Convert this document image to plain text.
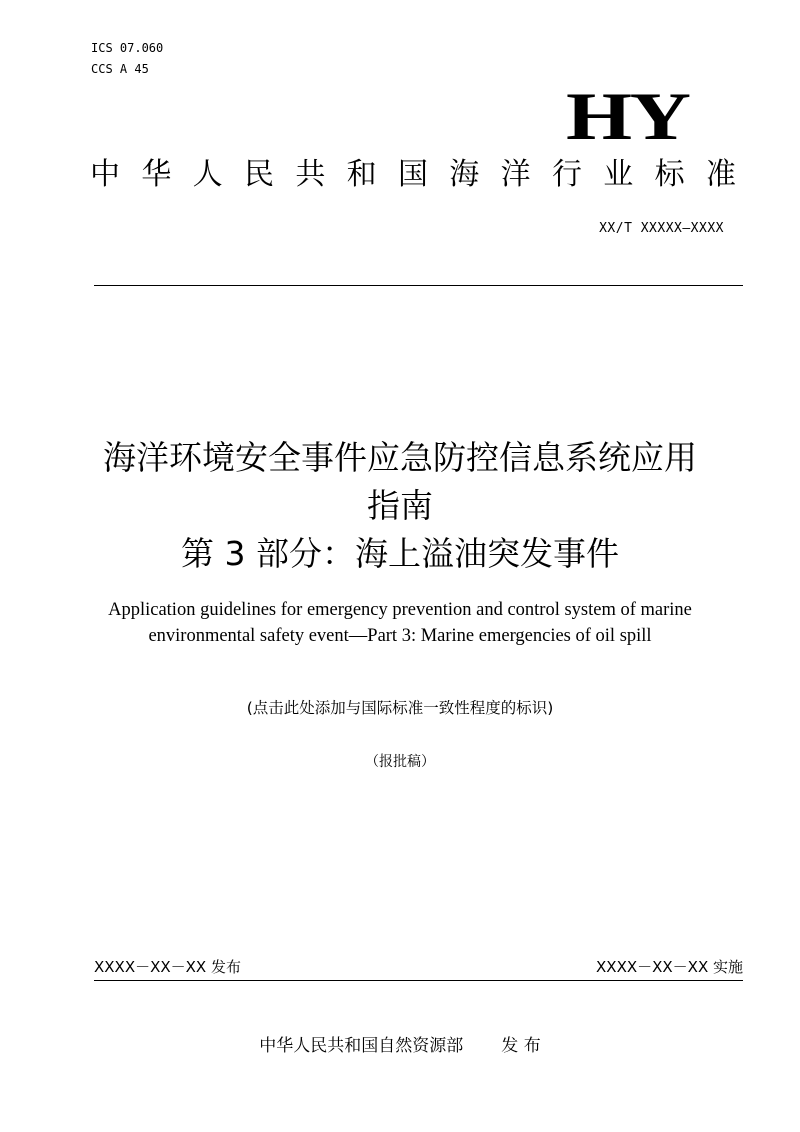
ICS 07.060
CCS A 45
HY
中 华 人 民 共 和 国 海 洋 行 业 标 准
XX/T XXXXX—XXXX
海洋环境安全事件应急防控信息系统应用
指南
第 3 部分：海上溢油突发事件
Application guidelines for emergency prevention and control system of marine
environmental safety event—Part 3: Marine emergencies of oil spill
(点击此处添加与国际标准一致性程度的标识)
（报批稿）
XXXX－XX－XX 发布	XXXX－XX－XX 实施
中华人民共和国自然资源部 发 布
